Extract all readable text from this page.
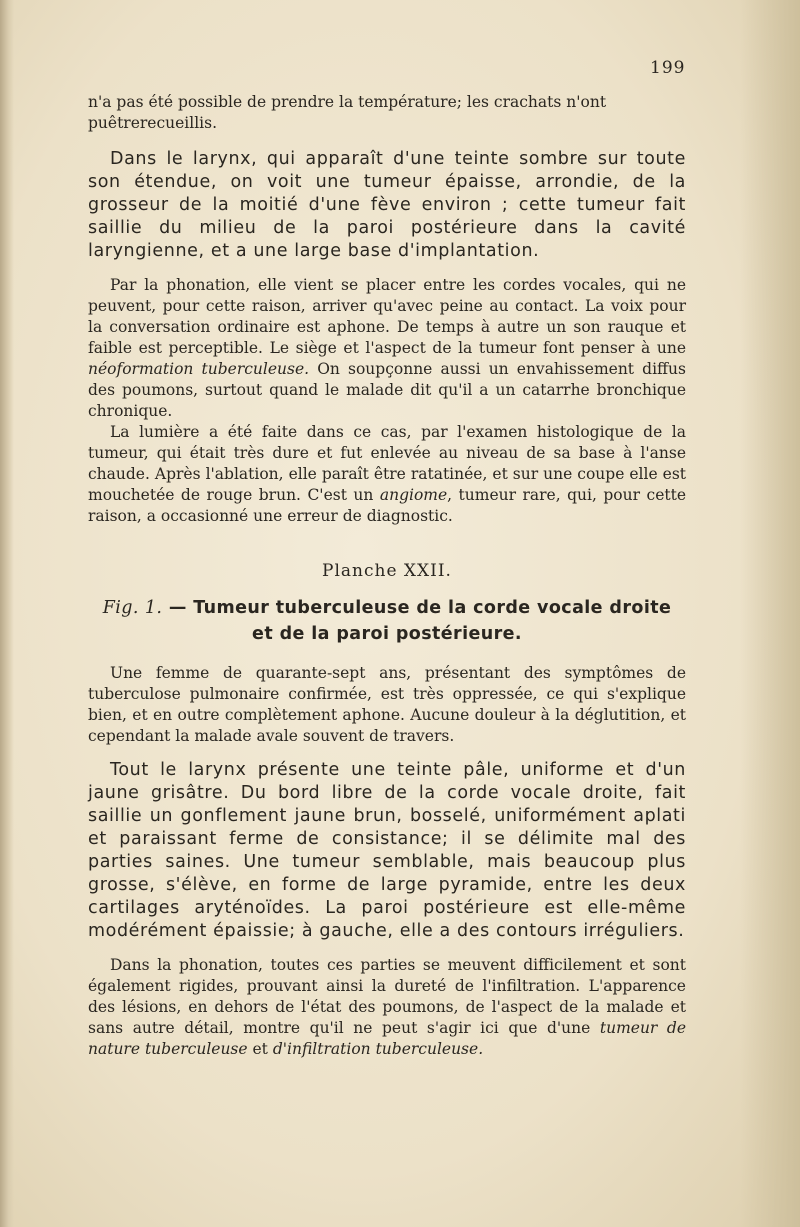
199

n'a pas été possible de prendre la température; les crachats n'ont
puêtrerecueillis.

Dans le larynx, qui apparaît d'une teinte sombre sur toute son étendue, on voit une tumeur épaisse, arrondie, de la grosseur de la moitié d'une fève environ ; cette tumeur fait saillie du milieu de la paroi postérieure dans la cavité laryngienne, et a une large base d'implantation.

Par la phonation, elle vient se placer entre les cordes vocales, qui ne peuvent, pour cette raison, arriver qu'avec peine au contact. La voix pour la conversation ordinaire est aphone. De temps à autre un son rauque et faible est perceptible. Le siège et l'aspect de la tumeur font penser à une néoformation tuberculeuse. On soupçonne aussi un envahissement diffus des poumons, surtout quand le malade dit qu'il a un catarrhe bronchique chronique.

La lumière a été faite dans ce cas, par l'examen histologique de la tumeur, qui était très dure et fut enlevée au niveau de sa base à l'anse chaude. Après l'ablation, elle paraît être ratatinée, et sur une coupe elle est mouchetée de rouge brun. C'est un angiome, tumeur rare, qui, pour cette raison, a occasionné une erreur de diagnostic.

Planche XXII.
Fig. 1. — Tumeur tuberculeuse de la corde vocale droite
et de la paroi postérieure.

Une femme de quarante-sept ans, présentant des symptômes de tuberculose pulmonaire confirmée, est très oppressée, ce qui s'explique bien, et en outre complètement aphone. Aucune douleur à la déglutition, et cependant la malade avale souvent de travers.

Tout le larynx présente une teinte pâle, uniforme et d'un jaune grisâtre. Du bord libre de la corde vocale droite, fait saillie un gonflement jaune brun, bosselé, uniformément aplati et paraissant ferme de consistance; il se délimite mal des parties saines. Une tumeur semblable, mais beaucoup plus grosse, s'élève, en forme de large pyramide, entre les deux cartilages aryténoïdes. La paroi postérieure est elle-même modérément épaissie; à gauche, elle a des contours irréguliers.

Dans la phonation, toutes ces parties se meuvent difficilement et sont également rigides, prouvant ainsi la dureté de l'infiltration. L'apparence des lésions, en dehors de l'état des poumons, de l'aspect de la malade et sans autre détail, montre qu'il ne peut s'agir ici que d'une tumeur de nature tuberculeuse et d'infiltration tuberculeuse.
